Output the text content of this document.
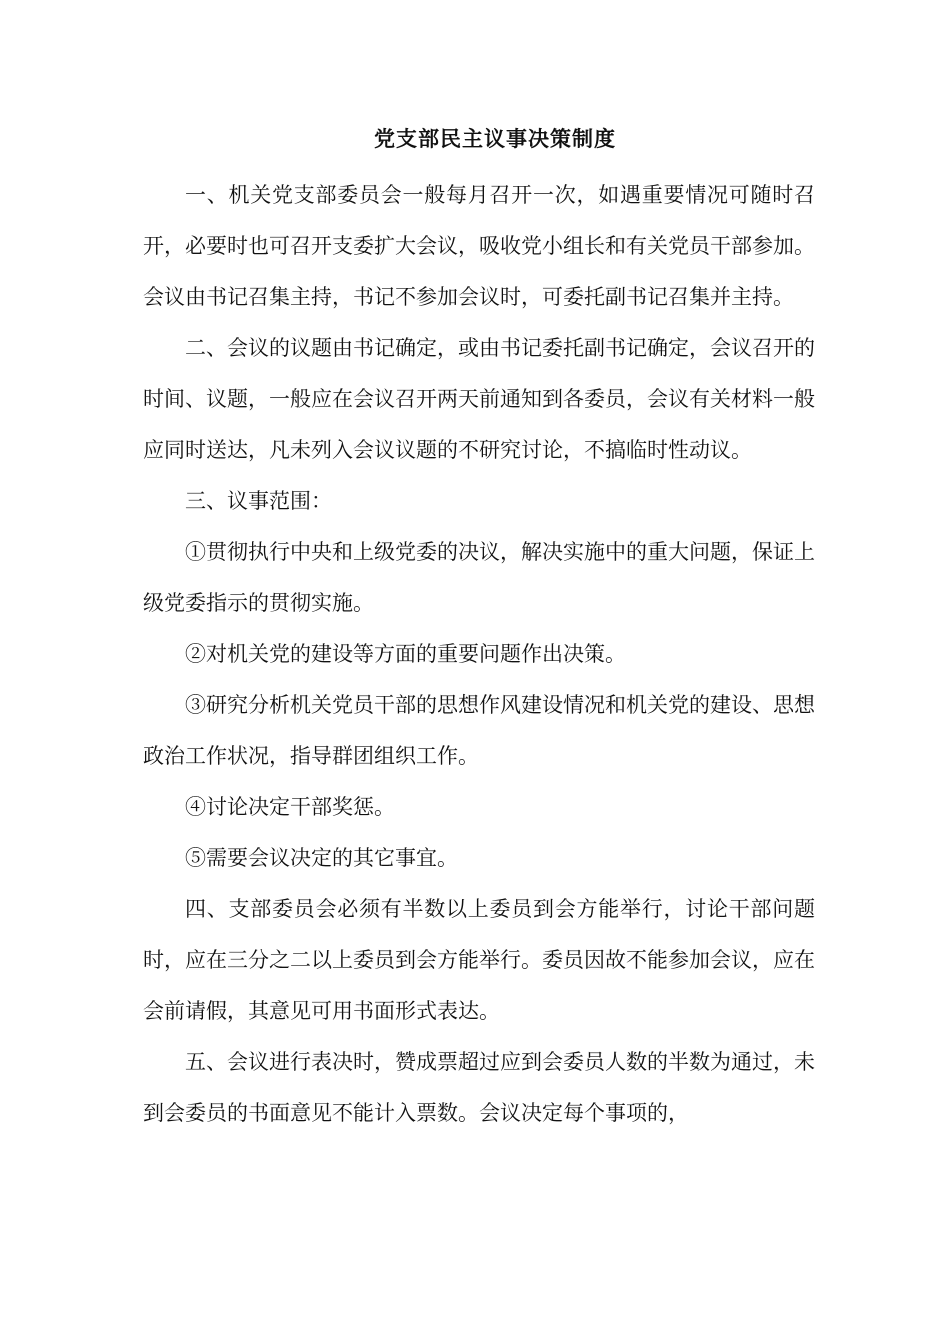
党支部民主议事决策制度

一、机关党支部委员会一般每月召开一次，如遇重要情况可随时召开，必要时也可召开支委扩大会议，吸收党小组长和有关党员干部参加。会议由书记召集主持，书记不参加会议时，可委托副书记召集并主持。

二、会议的议题由书记确定，或由书记委托副书记确定，会议召开的时间、议题，一般应在会议召开两天前通知到各委员，会议有关材料一般应同时送达，凡未列入会议议题的不研究讨论，不搞临时性动议。

三、议事范围：

①贯彻执行中央和上级党委的决议，解决实施中的重大问题，保证上级党委指示的贯彻实施。

②对机关党的建设等方面的重要问题作出决策。

③研究分析机关党员干部的思想作风建设情况和机关党的建设、思想政治工作状况，指导群团组织工作。

④讨论决定干部奖惩。

⑤需要会议决定的其它事宜。

四、支部委员会必须有半数以上委员到会方能举行，讨论干部问题时，应在三分之二以上委员到会方能举行。委员因故不能参加会议，应在会前请假，其意见可用书面形式表达。

五、会议进行表决时，赞成票超过应到会委员人数的半数为通过，未到会委员的书面意见不能计入票数。会议决定每个事项的，
